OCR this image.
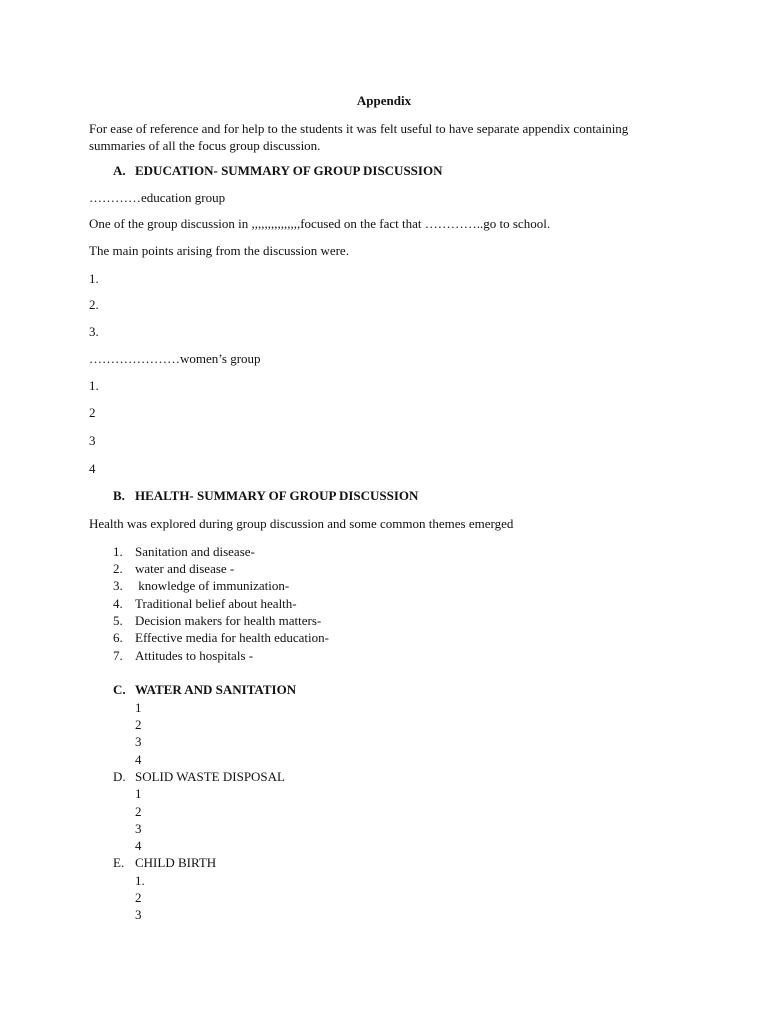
Appendix
For ease of reference and for help to the students it was felt useful to have separate appendix containing summaries of all the focus group discussion.
A. EDUCATION- SUMMARY OF GROUP DISCUSSION
…………education group
One of the group discussion in ,,,,,,,,,,,,,,,focused on the fact that …………..go to school.
The main points arising from the discussion were.
1.
2.
3.
…………………women’s group
1.
2
3
4
B. HEALTH- SUMMARY OF GROUP DISCUSSION
Health was explored during group discussion and some common themes emerged
1. Sanitation and disease-
2. water and disease -
3. knowledge of immunization-
4. Traditional belief about health-
5. Decision makers for health matters-
6. Effective media for health education-
7. Attitudes to hospitals -
C. WATER AND SANITATION
1
2
3
4
D. SOLID WASTE DISPOSAL
1
2
3
4
E. CHILD BIRTH
1.
2
3
